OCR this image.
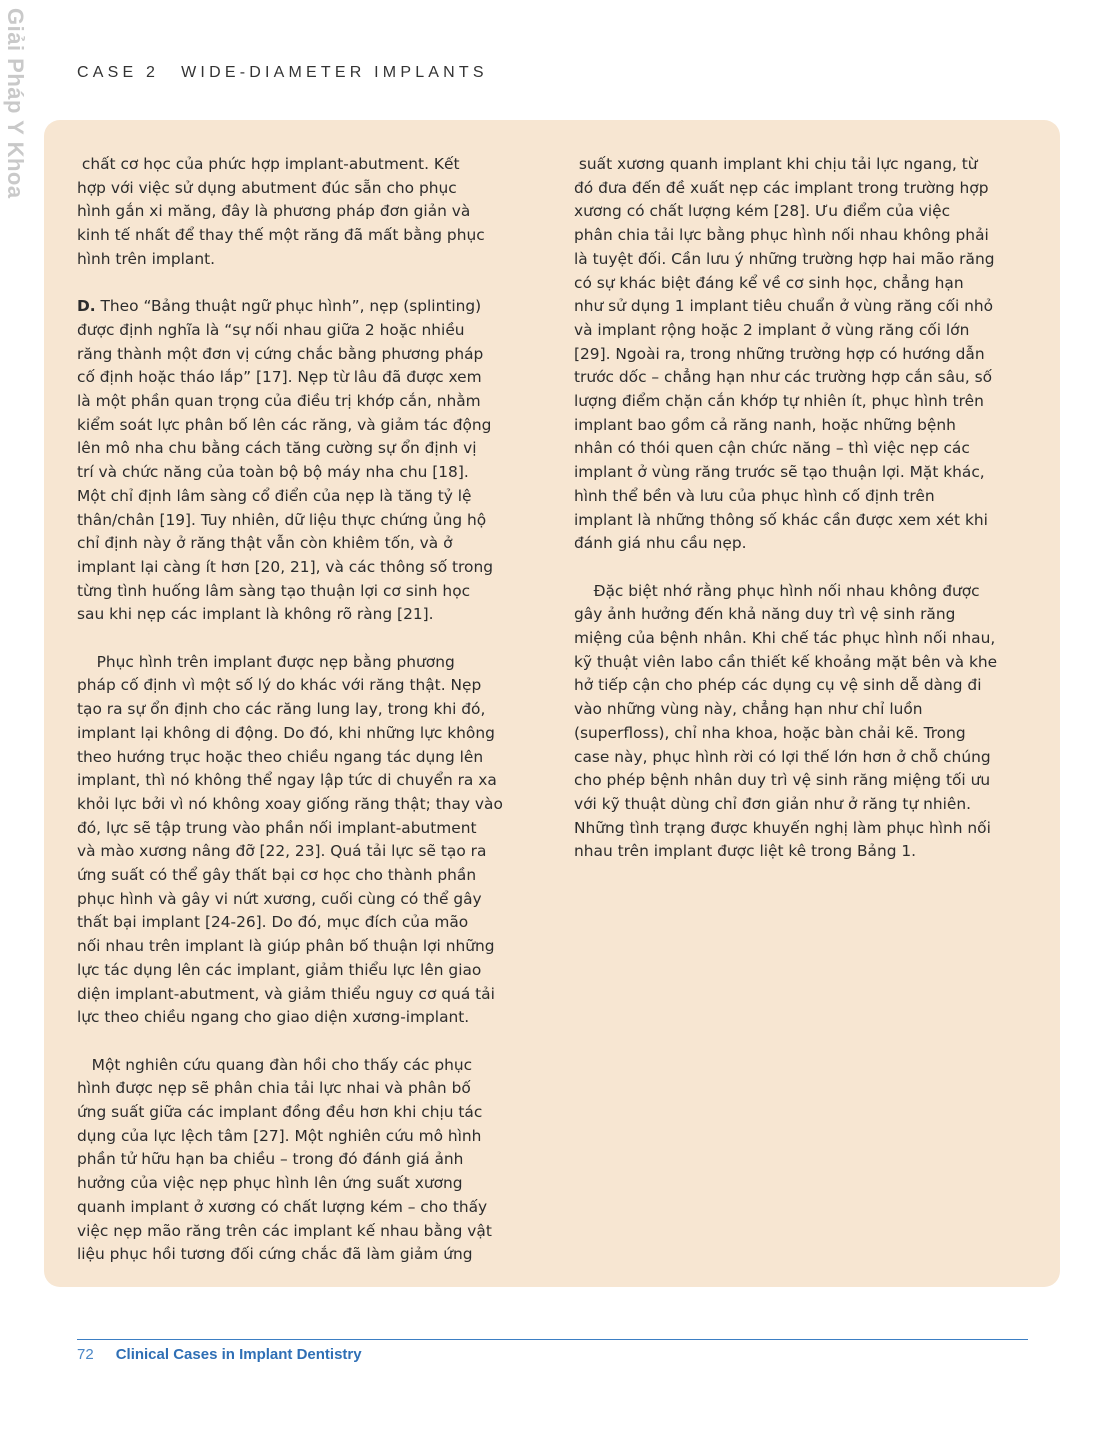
Giải Pháp Y Khoa	CASE 2 WIDE-DIAMETER IMPLANTS

chất cơ học của phức hợp implant-abutment. Kết
hợp với việc sử dụng abutment đúc sẵn cho phục
hình gắn xi măng, đây là phương pháp đơn giản và
kinh tế nhất để thay thế một răng đã mất bằng phục
hình trên implant.

D. Theo “Bảng thuật ngữ phục hình”, nẹp (splinting)
được định nghĩa là “sự nối nhau giữa 2 hoặc nhiều
răng thành một đơn vị cứng chắc bằng phương pháp
cố định hoặc tháo lắp” [17]. Nẹp từ lâu đã được xem
là một phần quan trọng của điều trị khớp cắn, nhằm
kiểm soát lực phân bố lên các răng, và giảm tác động
lên mô nha chu bằng cách tăng cường sự ổn định vị
trí và chức năng của toàn bộ bộ máy nha chu [18].
Một chỉ định lâm sàng cổ điển của nẹp là tăng tỷ lệ
thân/chân [19]. Tuy nhiên, dữ liệu thực chứng ủng hộ
chỉ định này ở răng thật vẫn còn khiêm tốn, và ở
implant lại càng ít hơn [20, 21], và các thông số trong
từng tình huống lâm sàng tạo thuận lợi cơ sinh học
sau khi nẹp các implant là không rõ ràng [21].

Phục hình trên implant được nẹp bằng phương
pháp cố định vì một số lý do khác với răng thật. Nẹp
tạo ra sự ổn định cho các răng lung lay, trong khi đó,
implant lại không di động. Do đó, khi những lực không
theo hướng trục hoặc theo chiều ngang tác dụng lên
implant, thì nó không thể ngay lập tức di chuyển ra xa
khỏi lực bởi vì nó không xoay giống răng thật; thay vào
đó, lực sẽ tập trung vào phần nối implant-abutment
và mào xương nâng đỡ [22, 23]. Quá tải lực sẽ tạo ra
ứng suất có thể gây thất bại cơ học cho thành phần
phục hình và gây vi nứt xương, cuối cùng có thể gây
thất bại implant [24-26]. Do đó, mục đích của mão
nối nhau trên implant là giúp phân bố thuận lợi những
lực tác dụng lên các implant, giảm thiểu lực lên giao
diện implant-abutment, và giảm thiểu nguy cơ quá tải
lực theo chiều ngang cho giao diện xương-implant.

Một nghiên cứu quang đàn hồi cho thấy các phục
hình được nẹp sẽ phân chia tải lực nhai và phân bố
ứng suất giữa các implant đồng đều hơn khi chịu tác
dụng của lực lệch tâm [27]. Một nghiên cứu mô hình
phần tử hữu hạn ba chiều – trong đó đánh giá ảnh
hưởng của việc nẹp phục hình lên ứng suất xương
quanh implant ở xương có chất lượng kém – cho thấy
việc nẹp mão răng trên các implant kế nhau bằng vật
liệu phục hồi tương đối cứng chắc đã làm giảm ứng

suất xương quanh implant khi chịu tải lực ngang, từ
đó đưa đến đề xuất nẹp các implant trong trường hợp
xương có chất lượng kém [28]. Ưu điểm của việc
phân chia tải lực bằng phục hình nối nhau không phải
là tuyệt đối. Cần lưu ý những trường hợp hai mão răng
có sự khác biệt đáng kể về cơ sinh học, chẳng hạn
như sử dụng 1 implant tiêu chuẩn ở vùng răng cối nhỏ
và implant rộng hoặc 2 implant ở vùng răng cối lớn
[29]. Ngoài ra, trong những trường hợp có hướng dẫn
trước dốc – chẳng hạn như các trường hợp cắn sâu, số
lượng điểm chặn cắn khớp tự nhiên ít, phục hình trên
implant bao gồm cả răng nanh, hoặc những bệnh
nhân có thói quen cận chức năng – thì việc nẹp các
implant ở vùng răng trước sẽ tạo thuận lợi. Mặt khác,
hình thể bền và lưu của phục hình cố định trên
implant là những thông số khác cần được xem xét khi
đánh giá nhu cầu nẹp.

Đặc biệt nhớ rằng phục hình nối nhau không được
gây ảnh hưởng đến khả năng duy trì vệ sinh răng
miệng của bệnh nhân. Khi chế tác phục hình nối nhau,
kỹ thuật viên labo cần thiết kế khoảng mặt bên và khe
hở tiếp cận cho phép các dụng cụ vệ sinh dễ dàng đi
vào những vùng này, chẳng hạn như chỉ luồn
(superfloss), chỉ nha khoa, hoặc bàn chải kẽ. Trong
case này, phục hình rời có lợi thế lớn hơn ở chỗ chúng
cho phép bệnh nhân duy trì vệ sinh răng miệng tối ưu
với kỹ thuật dùng chỉ đơn giản như ở răng tự nhiên.
Những tình trạng được khuyến nghị làm phục hình nối
nhau trên implant được liệt kê trong Bảng 1.

72 Clinical Cases in Implant Dentistry
